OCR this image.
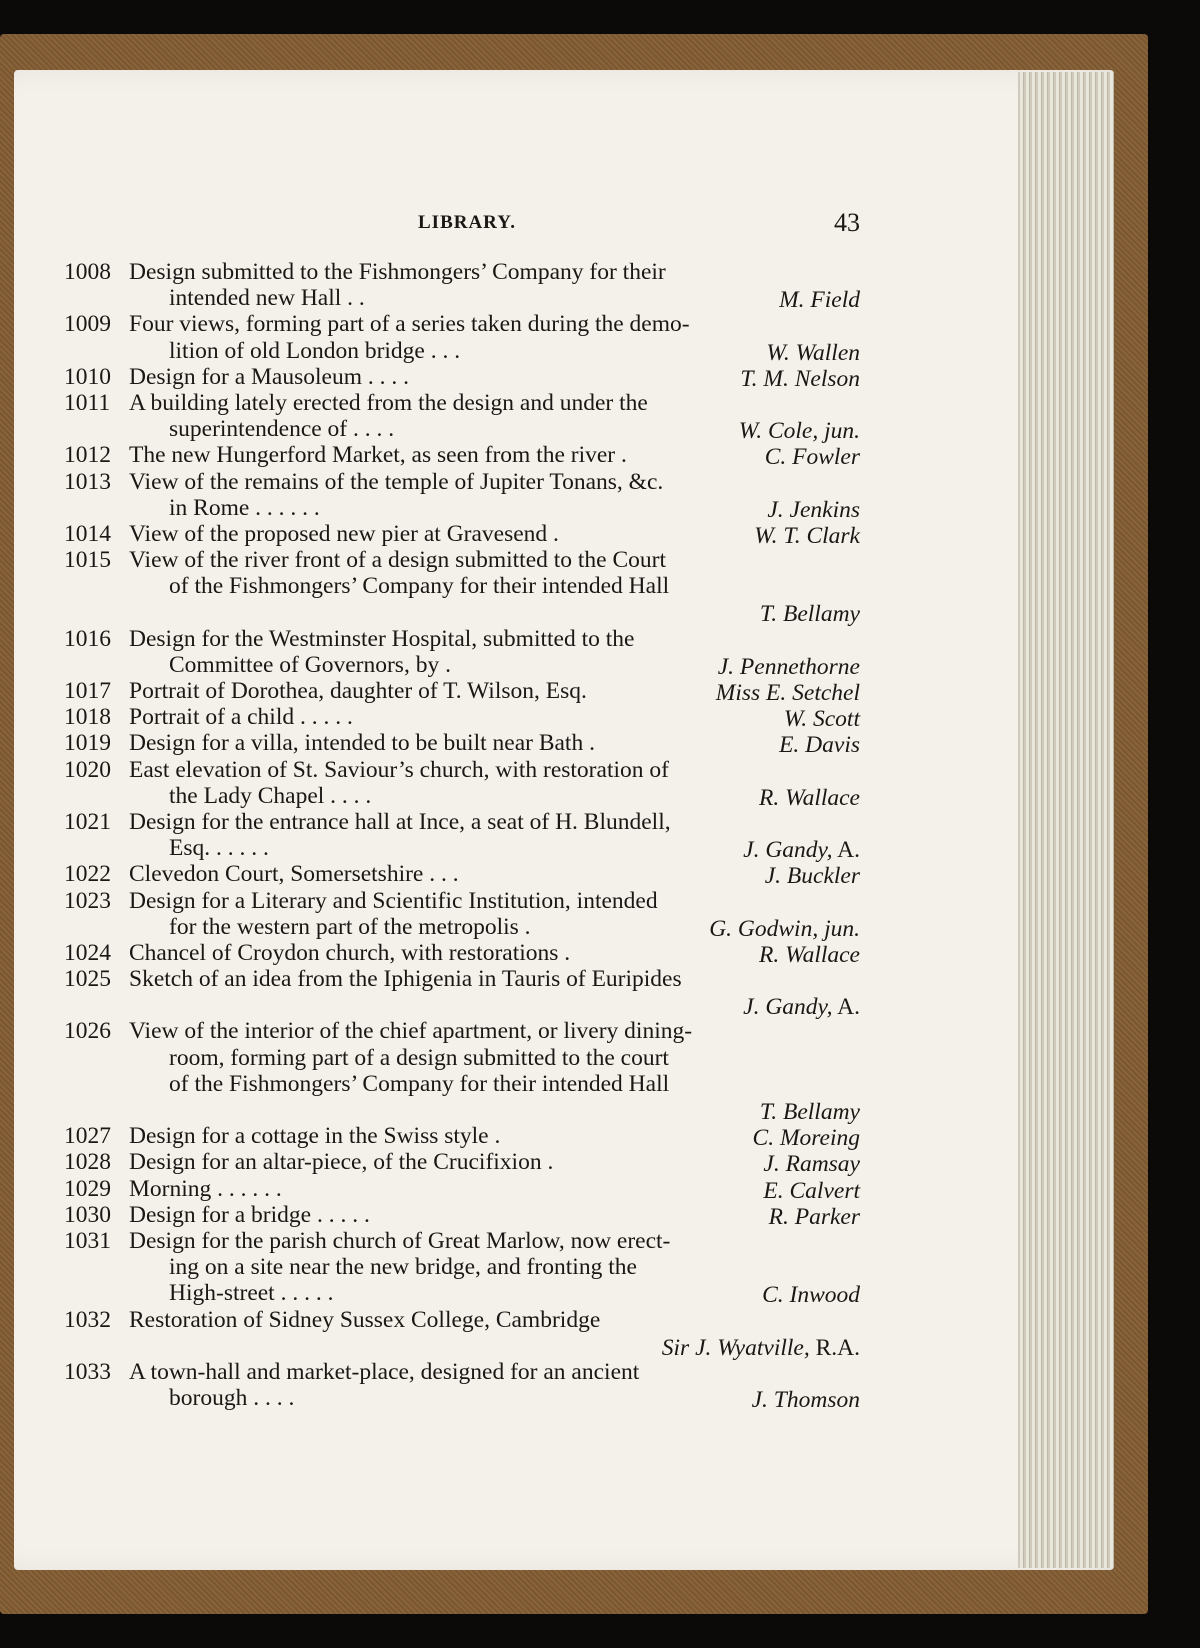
LIBRARY.	43
1008 Design submitted to the Fishmongers’ Company for their
intended new Hall . .	M. Field
1009 Four views, forming part of a series taken during the demo-
lition of old London bridge . . .	W. Wallen
1010 Design for a Mausoleum . . . .	T. M. Nelson
1011 A building lately erected from the design and under the
superintendence of . . . .	W. Cole, jun.
1012 The new Hungerford Market, as seen from the river .	C. Fowler
1013 View of the remains of the temple of Jupiter Tonans, &c.
in Rome . . . . . .	J. Jenkins
1014 View of the proposed new pier at Gravesend .	W. T. Clark
1015 View of the river front of a design submitted to the Court
of the Fishmongers’ Company for their intended Hall
T. Bellamy
1016 Design for the Westminster Hospital, submitted to the
Committee of Governors, by .	J. Pennethorne
1017 Portrait of Dorothea, daughter of T. Wilson, Esq.	Miss E. Setchel
1018 Portrait of a child . . . . .	W. Scott
1019 Design for a villa, intended to be built near Bath .	E. Davis
1020 East elevation of St. Saviour’s church, with restoration of
the Lady Chapel . . . .	R. Wallace
1021 Design for the entrance hall at Ince, a seat of H. Blundell,
Esq. . . . . .	J. Gandy, A.
1022 Clevedon Court, Somersetshire . . .	J. Buckler
1023 Design for a Literary and Scientific Institution, intended
for the western part of the metropolis .	G. Godwin, jun.
1024 Chancel of Croydon church, with restorations .	R. Wallace
1025 Sketch of an idea from the Iphigenia in Tauris of Euripides
J. Gandy, A.
1026 View of the interior of the chief apartment, or livery dining-
room, forming part of a design submitted to the court
of the Fishmongers’ Company for their intended Hall
T. Bellamy
1027 Design for a cottage in the Swiss style .	C. Moreing
1028 Design for an altar-piece, of the Crucifixion .	J. Ramsay
1029 Morning . . . . . .	E. Calvert
1030 Design for a bridge . . . . .	R. Parker
1031 Design for the parish church of Great Marlow, now erect-
ing on a site near the new bridge, and fronting the
High-street . . . . .	C. Inwood
1032 Restoration of Sidney Sussex College, Cambridge
Sir J. Wyatville, R.A.
1033 A town-hall and market-place, designed for an ancient
borough . . . .	J. Thomson
